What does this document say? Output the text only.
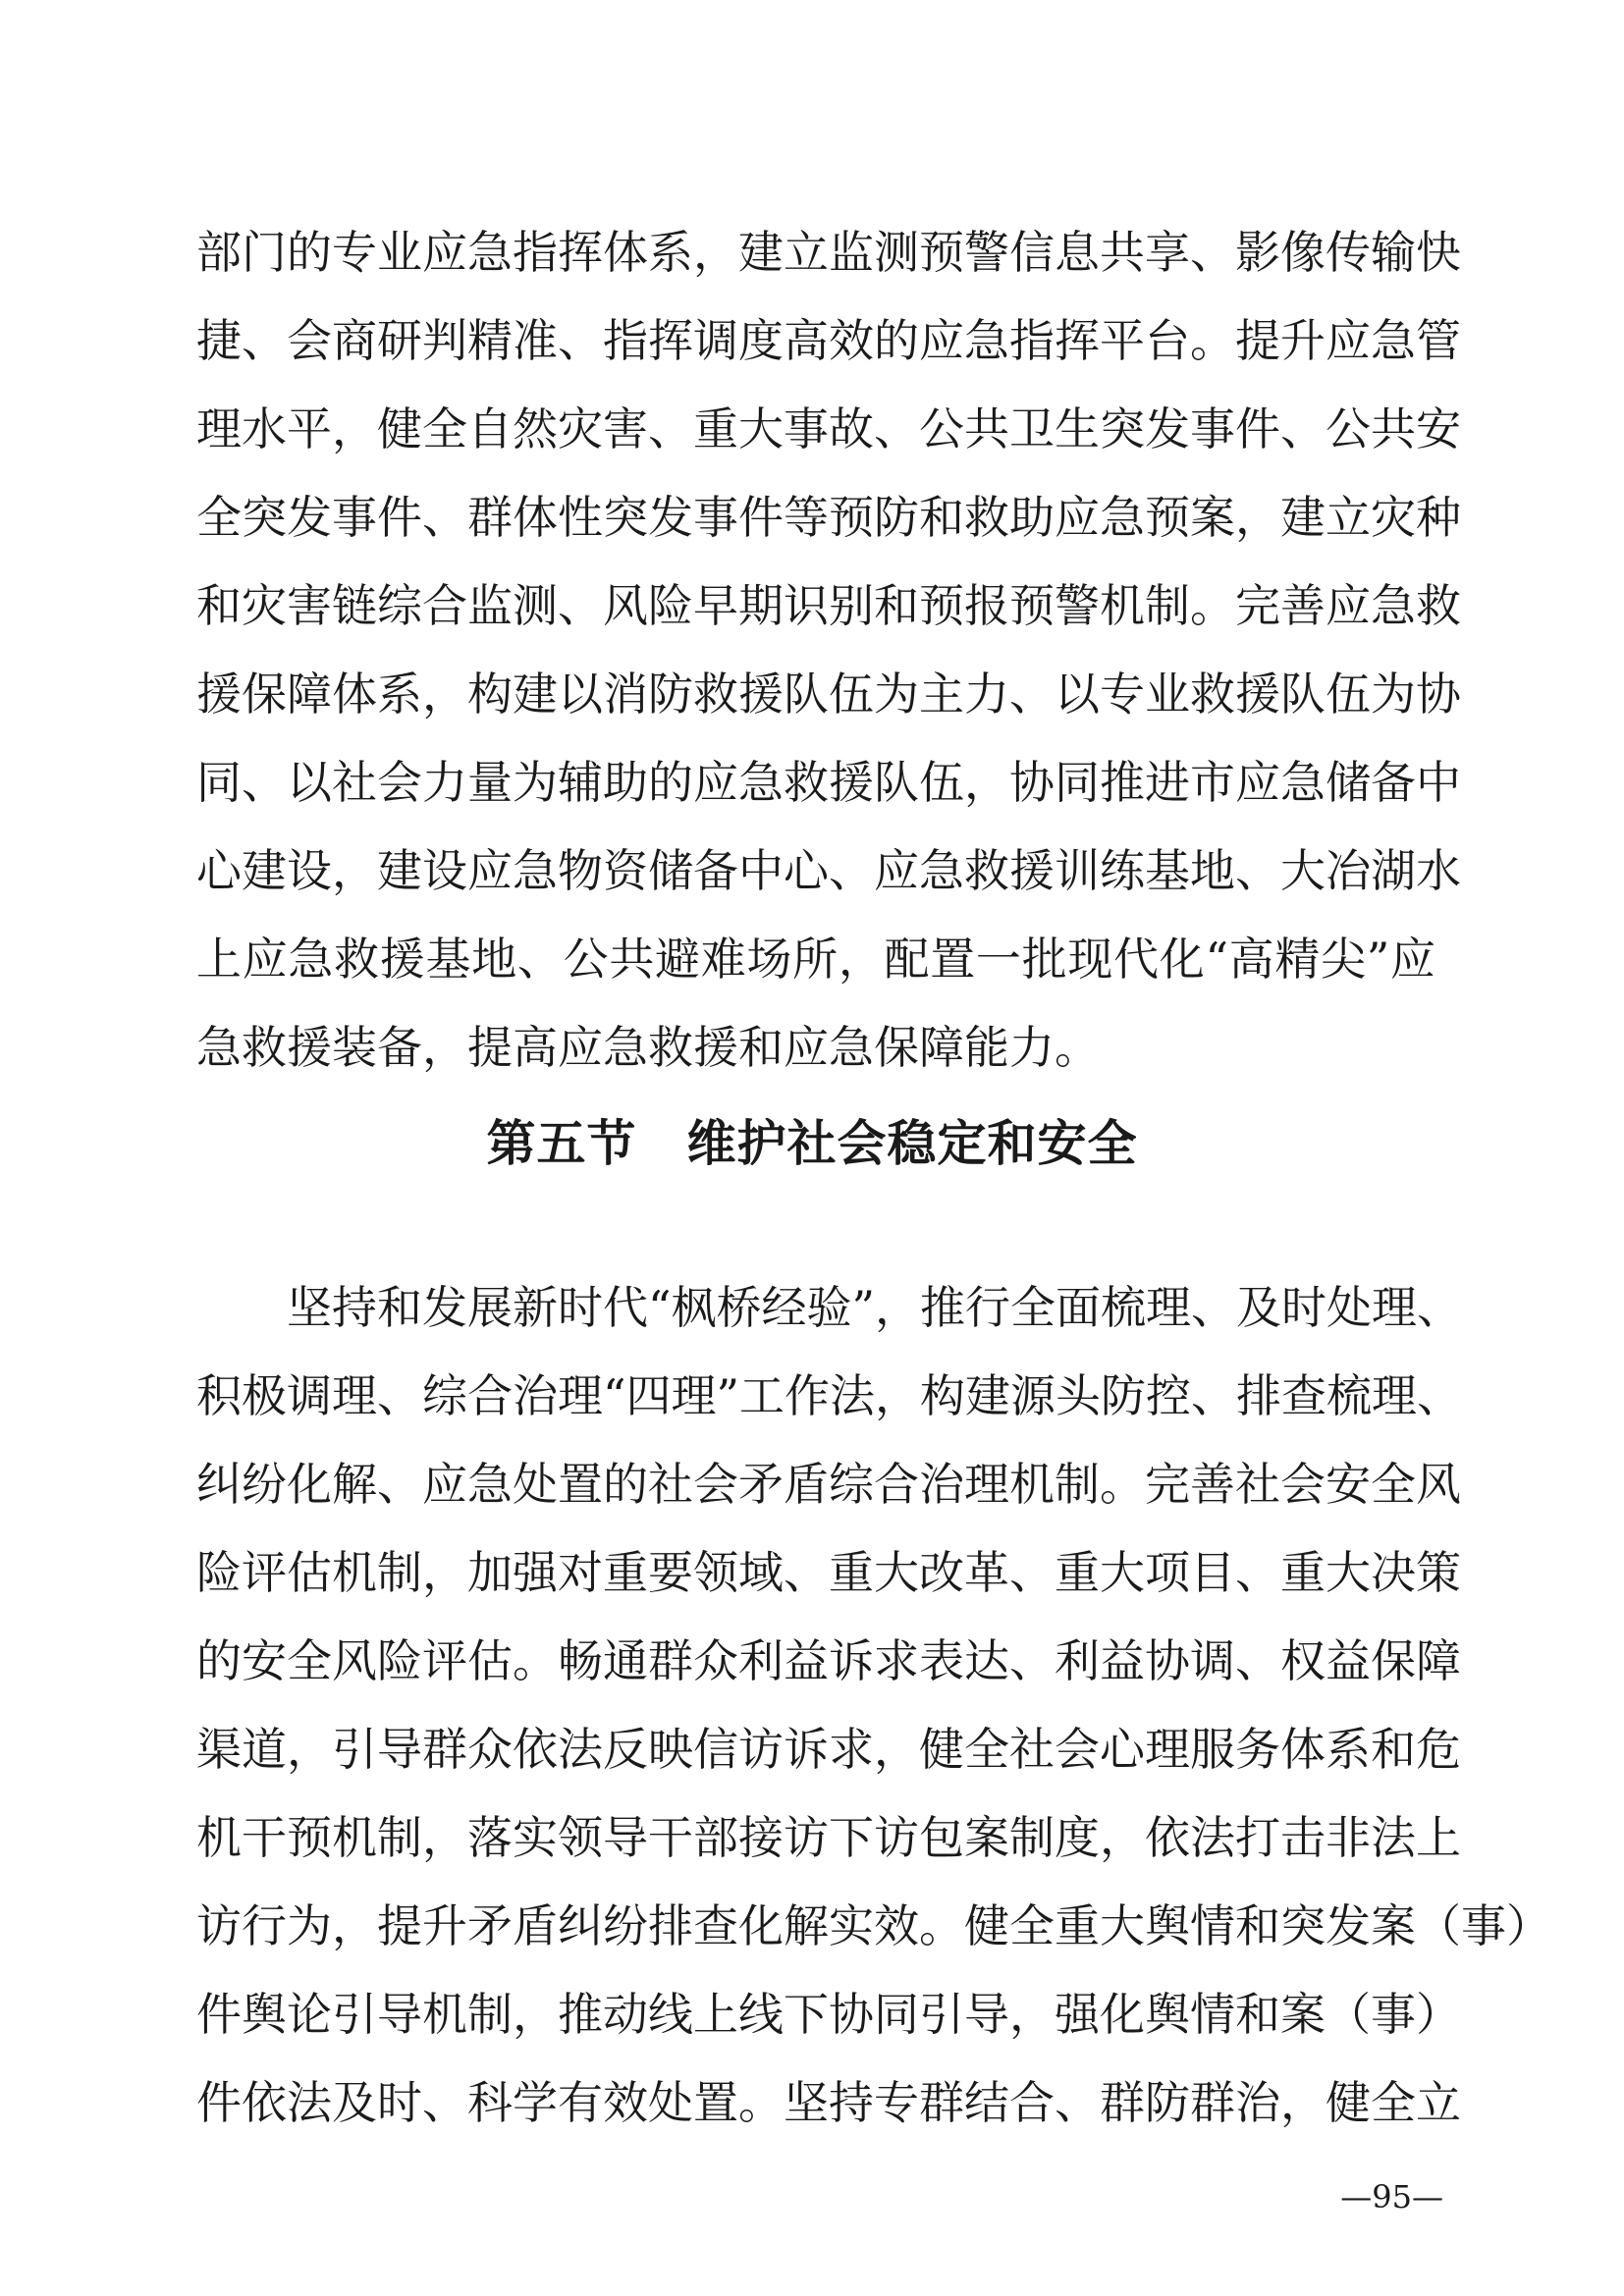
部门的专业应急指挥体系，建立监测预警信息共享、影像传输快
捷、会商研判精准、指挥调度高效的应急指挥平台。提升应急管
理水平，健全自然灾害、重大事故、公共卫生突发事件、公共安
全突发事件、群体性突发事件等预防和救助应急预案，建立灾种
和灾害链综合监测、风险早期识别和预报预警机制。完善应急救
援保障体系，构建以消防救援队伍为主力、以专业救援队伍为协
同、以社会力量为辅助的应急救援队伍，协同推进市应急储备中
心建设，建设应急物资储备中心、应急救援训练基地、大冶湖水
上应急救援基地、公共避难场所，配置一批现代化“高精尖”应
急救援装备，提高应急救援和应急保障能力。
第五节　维护社会稳定和安全
　　坚持和发展新时代“枫桥经验”，推行全面梳理、及时处理、
积极调理、综合治理“四理”工作法，构建源头防控、排查梳理、
纠纷化解、应急处置的社会矛盾综合治理机制。完善社会安全风
险评估机制，加强对重要领域、重大改革、重大项目、重大决策
的安全风险评估。畅通群众利益诉求表达、利益协调、权益保障
渠道，引导群众依法反映信访诉求，健全社会心理服务体系和危
机干预机制，落实领导干部接访下访包案制度，依法打击非法上
访行为，提升矛盾纠纷排查化解实效。健全重大舆情和突发案（事）
件舆论引导机制，推动线上线下协同引导，强化舆情和案（事）
件依法及时、科学有效处置。坚持专群结合、群防群治，健全立
—95—
